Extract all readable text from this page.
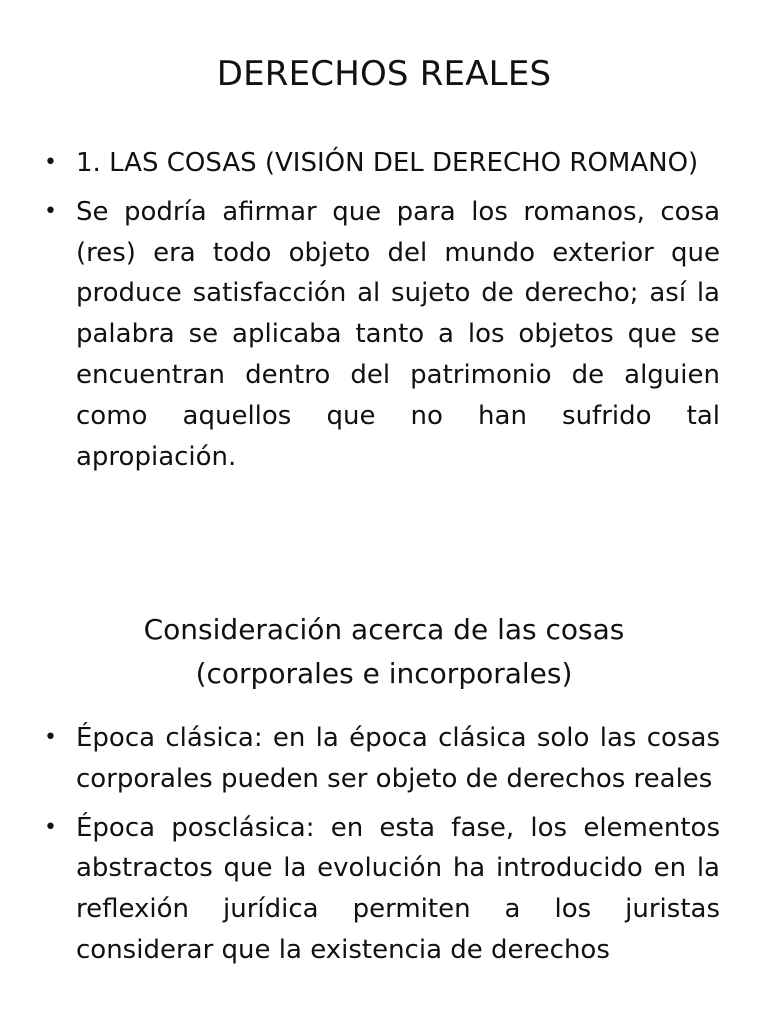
DERECHOS REALES
• 1. LAS COSAS (VISIÓN DEL DERECHO ROMANO)
• Se podría afirmar que para los romanos, cosa (res) era todo objeto del mundo exterior que produce satisfacción al sujeto de derecho; así la palabra se aplicaba tanto a los objetos que se encuentran dentro del patrimonio de alguien como aquellos que no han sufrido tal apropiación.
Consideración acerca de las cosas
(corporales e incorporales)
• Época clásica: en la época clásica solo las cosas corporales pueden ser objeto de derechos reales
• Época posclásica: en esta fase, los elementos abstractos que la evolución ha introducido en la reflexión jurídica permiten a los juristas considerar que la existencia de derechos
